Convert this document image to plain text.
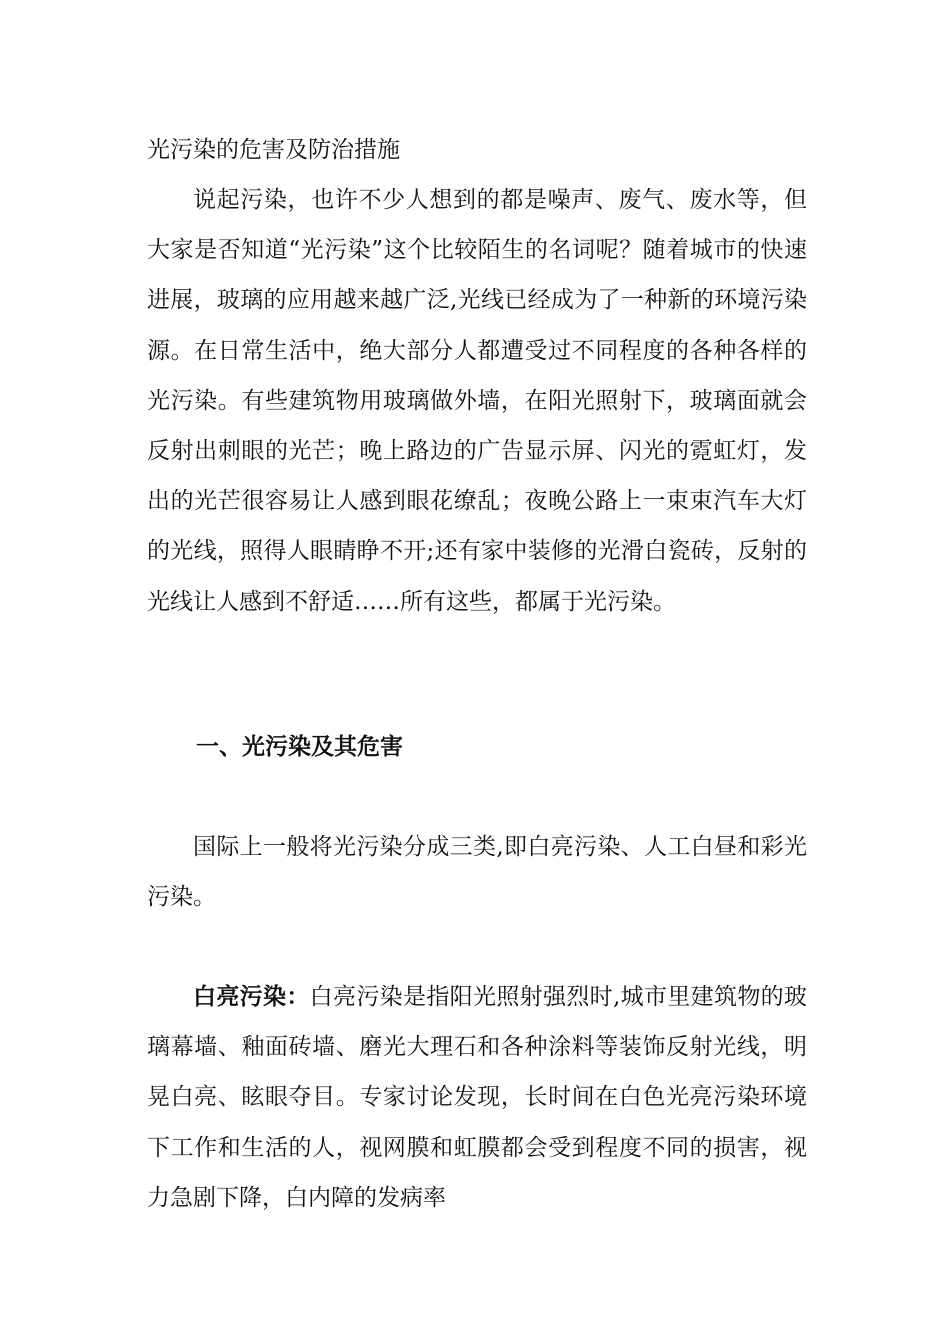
光污染的危害及防治措施

说起污染，也许不少人想到的都是噪声、废气、废水等，但大家是否知道“光污染”这个比较陌生的名词呢？随着城市的快速进展，玻璃的应用越来越广泛,光线已经成为了一种新的环境污染源。在日常生活中，绝大部分人都遭受过不同程度的各种各样的光污染。有些建筑物用玻璃做外墙，在阳光照射下，玻璃面就会反射出刺眼的光芒；晚上路边的广告显示屏、闪光的霓虹灯，发出的光芒很容易让人感到眼花缭乱；夜晚公路上一束束汽车大灯的光线，照得人眼睛睁不开;还有家中装修的光滑白瓷砖，反射的光线让人感到不舒适……所有这些，都属于光污染。

一、光污染及其危害

国际上一般将光污染分成三类,即白亮污染、人工白昼和彩光污染。

白亮污染：白亮污染是指阳光照射强烈时,城市里建筑物的玻璃幕墙、釉面砖墙、磨光大理石和各种涂料等装饰反射光线，明晃白亮、眩眼夺目。专家讨论发现，长时间在白色光亮污染环境下工作和生活的人，视网膜和虹膜都会受到程度不同的损害，视力急剧下降，白内障的发病率
